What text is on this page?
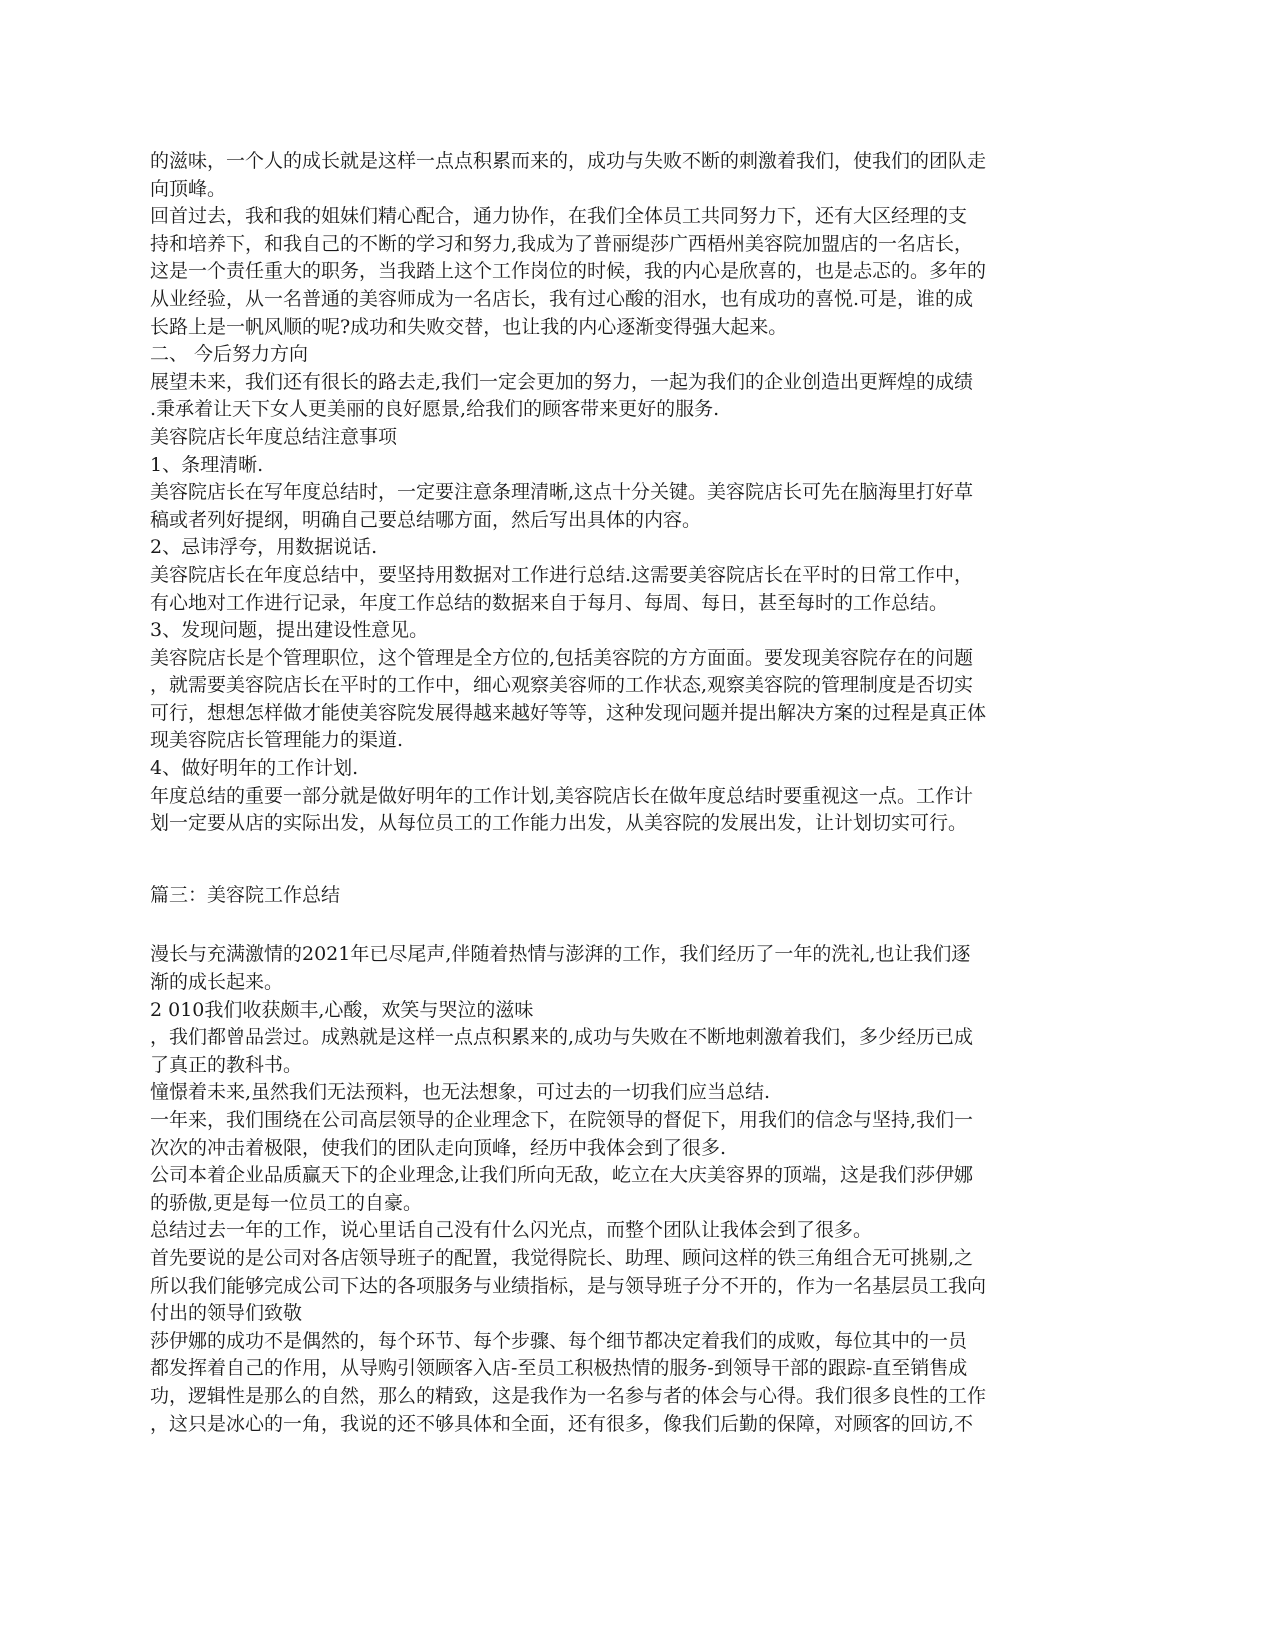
的滋味，一个人的成长就是这样一点点积累而来的，成功与失败不断的刺激着我们，使我们的团队走

向顶峰。

回首过去，我和我的姐妹们精心配合，通力协作，在我们全体员工共同努力下，还有大区经理的支

持和培养下，和我自己的不断的学习和努力,我成为了普丽缇莎广西梧州美容院加盟店的一名店长，

这是一个责任重大的职务，当我踏上这个工作岗位的时候，我的内心是欣喜的，也是忐忑的。多年的

从业经验，从一名普通的美容师成为一名店长，我有过心酸的泪水，也有成功的喜悦.可是，谁的成

长路上是一帆风顺的呢?成功和失败交替，也让我的内心逐渐变得强大起来。

二、 今后努力方向

展望未来，我们还有很长的路去走,我们一定会更加的努力，一起为我们的企业创造出更辉煌的成绩

.秉承着让天下女人更美丽的良好愿景,给我们的顾客带来更好的服务.

美容院店长年度总结注意事项

1、条理清晰.

美容院店长在写年度总结时，一定要注意条理清晰,这点十分关键。美容院店长可先在脑海里打好草

稿或者列好提纲，明确自己要总结哪方面，然后写出具体的内容。

2、忌讳浮夸，用数据说话.

美容院店长在年度总结中，要坚持用数据对工作进行总结.这需要美容院店长在平时的日常工作中，

有心地对工作进行记录，年度工作总结的数据来自于每月、每周、每日，甚至每时的工作总结。

3、发现问题，提出建设性意见。

美容院店长是个管理职位，这个管理是全方位的,包括美容院的方方面面。要发现美容院存在的问题

，就需要美容院店长在平时的工作中，细心观察美容师的工作状态,观察美容院的管理制度是否切实

可行，想想怎样做才能使美容院发展得越来越好等等，这种发现问题并提出解决方案的过程是真正体

现美容院店长管理能力的渠道.

4、做好明年的工作计划.

年度总结的重要一部分就是做好明年的工作计划,美容院店长在做年度总结时要重视这一点。工作计

划一定要从店的实际出发，从每位员工的工作能力出发，从美容院的发展出发，让计划切实可行。

篇三：美容院工作总结

漫长与充满激情的2021年已尽尾声,伴随着热情与澎湃的工作，我们经历了一年的洗礼,也让我们逐

渐的成长起来。

2 010我们收获颇丰,心酸，欢笑与哭泣的滋味

，我们都曾品尝过。成熟就是这样一点点积累来的,成功与失败在不断地刺激着我们，多少经历已成

了真正的教科书。

憧憬着未来,虽然我们无法预料，也无法想象，可过去的一切我们应当总结.

一年来，我们围绕在公司高层领导的企业理念下，在院领导的督促下，用我们的信念与坚持,我们一

次次的冲击着极限，使我们的团队走向顶峰，经历中我体会到了很多.

公司本着企业品质赢天下的企业理念,让我们所向无敌，屹立在大庆美容界的顶端，这是我们莎伊娜

的骄傲,更是每一位员工的自豪。

总结过去一年的工作，说心里话自己没有什么闪光点，而整个团队让我体会到了很多。

首先要说的是公司对各店领导班子的配置，我觉得院长、助理、顾问这样的铁三角组合无可挑剔,之

所以我们能够完成公司下达的各项服务与业绩指标，是与领导班子分不开的，作为一名基层员工我向

付出的领导们致敬

莎伊娜的成功不是偶然的，每个环节、每个步骤、每个细节都决定着我们的成败，每位其中的一员

都发挥着自己的作用，从导购引领顾客入店-至员工积极热情的服务-到领导干部的跟踪-直至销售成

功，逻辑性是那么的自然，那么的精致，这是我作为一名参与者的体会与心得。我们很多良性的工作

，这只是冰心的一角，我说的还不够具体和全面，还有很多，像我们后勤的保障，对顾客的回访,不
